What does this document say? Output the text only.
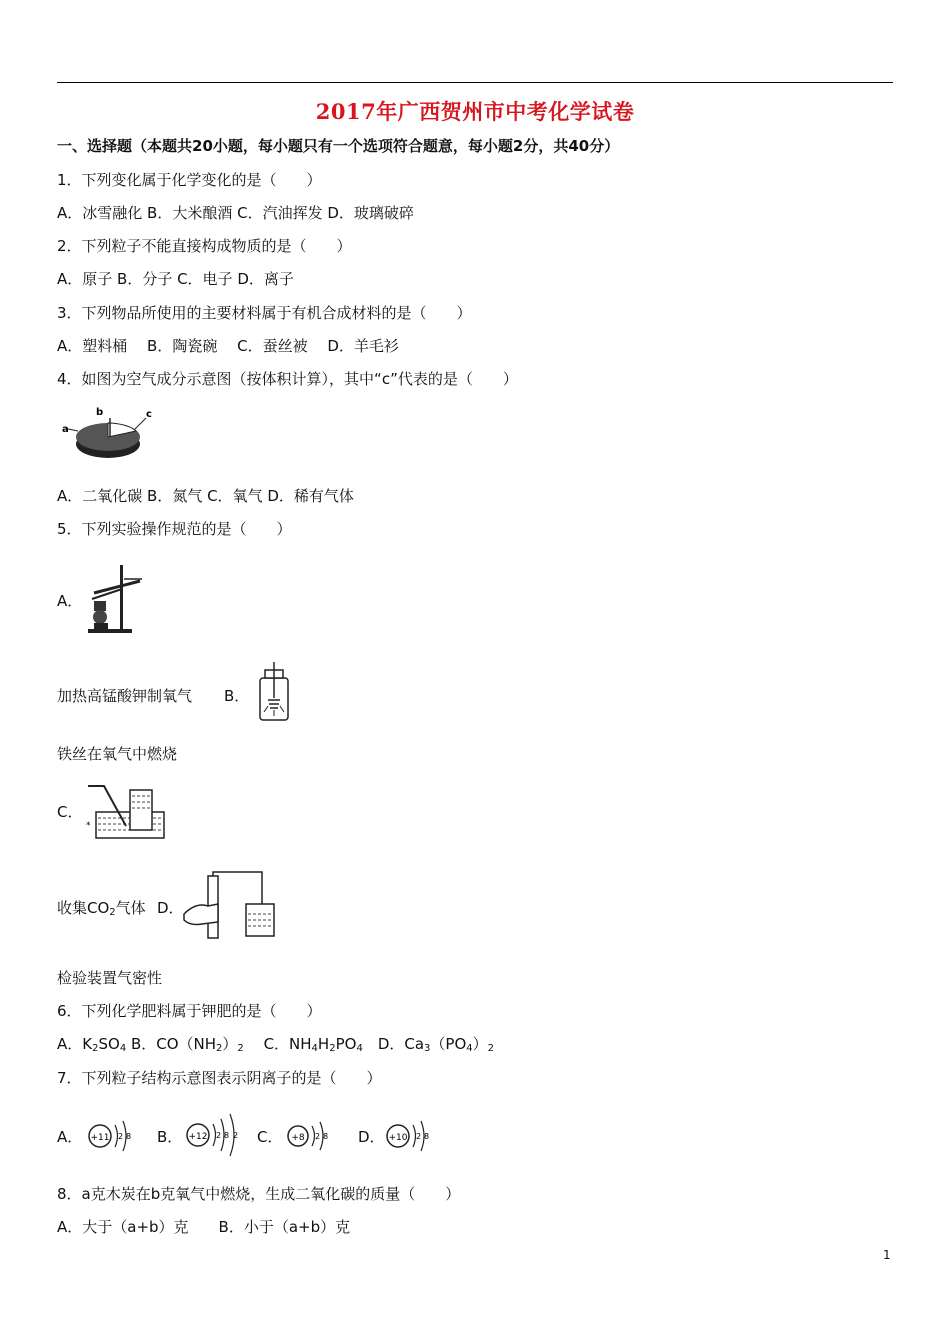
2017年广西贺州市中考化学试卷
一、选择题（本题共20小题，每小题只有一个选项符合题意，每小题2分，共40分）
1．下列变化属于化学变化的是（　　）
A．冰雪融化 B．大米酿酒 C．汽油挥发 D．玻璃破碎
2．下列粒子不能直接构成物质的是（　　）
A．原子 B．分子 C．电子 D．离子
3．下列物品所使用的主要材料属于有机合成材料的是（　　）
A．塑料桶　 B．陶瓷碗　 C．蚕丝被　 D．羊毛衫
4．如图为空气成分示意图（按体积计算），其中“c”代表的是（　　）
a
b	c
A．二氧化碳 B．氮气 C．氧气 D．稀有气体
5．下列实验操作规范的是（　　）
A．
加热高锰酸钾制氧气 B．
铁丝在氧气中燃烧
C．
*
收集$CO_2$气体 D．
检验装置气密性
6．下列化学肥料属于钾肥的是（　　）
A．$K_2SO_4$ B．$CO(NH_2)_2$　 C．$NH_4H_2PO_4$　D．$Ca_3(PO_4)_2$
7．下列粒子结构示意图表示阴离子的是（　　）
A． +11 2 8 B． +12 2 8 2 C． +8 2 8 D． +10 2 8
8．a克木炭在b克氧气中燃烧，生成二氧化碳的质量（　　）
A．大于（a+b）克　　B．小于（a+b）克
1
